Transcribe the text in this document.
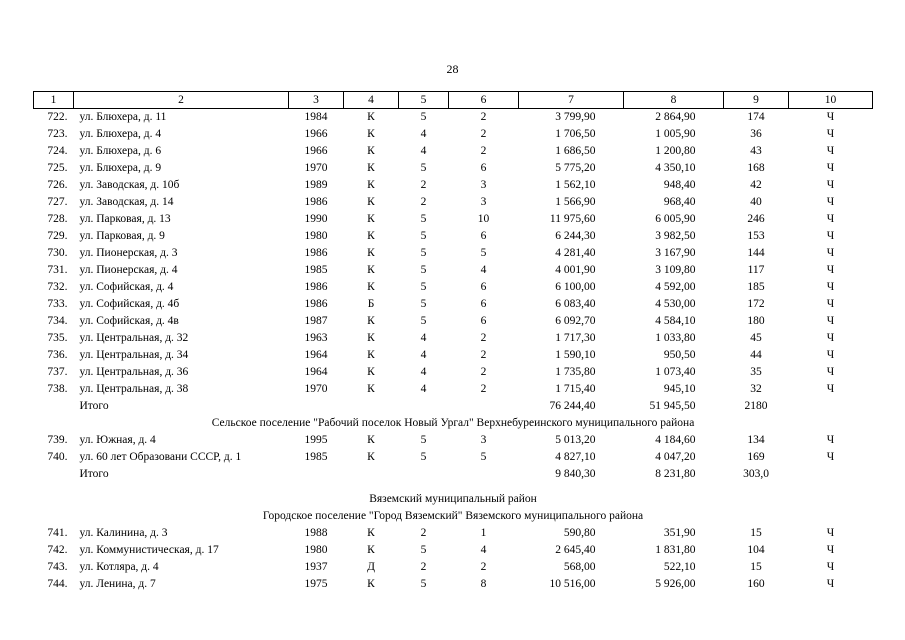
28
1	2	3	4	5	6	7	8	9	10
722.	ул. Блюхера, д. 11	1984	К	5	2	3 799,90	2 864,90	174	Ч
723.	ул. Блюхера, д. 4	1966	К	4	2	1 706,50	1 005,90	36	Ч
724.	ул. Блюхера, д. 6	1966	К	4	2	1 686,50	1 200,80	43	Ч
725.	ул. Блюхера, д. 9	1970	К	5	6	5 775,20	4 350,10	168	Ч
726.	ул. Заводская, д. 10б	1989	К	2	3	1 562,10	948,40	42	Ч
727.	ул. Заводская, д. 14	1986	К	2	3	1 566,90	968,40	40	Ч
728.	ул. Парковая, д. 13	1990	К	5	10	11 975,60	6 005,90	246	Ч
729.	ул. Парковая, д. 9	1980	К	5	6	6 244,30	3 982,50	153	Ч
730.	ул. Пионерская, д. 3	1986	К	5	5	4 281,40	3 167,90	144	Ч
731.	ул. Пионерская, д. 4	1985	К	5	4	4 001,90	3 109,80	117	Ч
732.	ул. Софийская, д. 4	1986	К	5	6	6 100,00	4 592,00	185	Ч
733.	ул. Софийская, д. 4б	1986	Б	5	6	6 083,40	4 530,00	172	Ч
734.	ул. Софийская, д. 4в	1987	К	5	6	6 092,70	4 584,10	180	Ч
735.	ул. Центральная, д. 32	1963	К	4	2	1 717,30	1 033,80	45	Ч
736.	ул. Центральная, д. 34	1964	К	4	2	1 590,10	950,50	44	Ч
737.	ул. Центральная, д. 36	1964	К	4	2	1 735,80	1 073,40	35	Ч
738.	ул. Центральная, д. 38	1970	К	4	2	1 715,40	945,10	32	Ч
	Итого					76 244,40	51 945,50	2180	
Сельское поселение "Рабочий поселок Новый Ургал" Верхнебуреинского муниципального района									
739.	ул. Южная, д. 4	1995	К	5	3	5 013,20	4 184,60	134	Ч
740.	ул. 60 лет Образовани СССР, д. 1	1985	К	5	5	4 827,10	4 047,20	169	Ч
	Итого					9 840,30	8 231,80	303,0	

Вяземский муниципальный район									
Городское поселение "Город Вяземский" Вяземского муниципального района									
741.	ул. Калинина, д. 3	1988	К	2	1	590,80	351,90	15	Ч
742.	ул. Коммунистическая, д. 17	1980	К	5	4	2 645,40	1 831,80	104	Ч
743.	ул. Котляра, д. 4	1937	Д	2	2	568,00	522,10	15	Ч
744.	ул. Ленина, д. 7	1975	К	5	8	10 516,00	5 926,00	160	Ч
